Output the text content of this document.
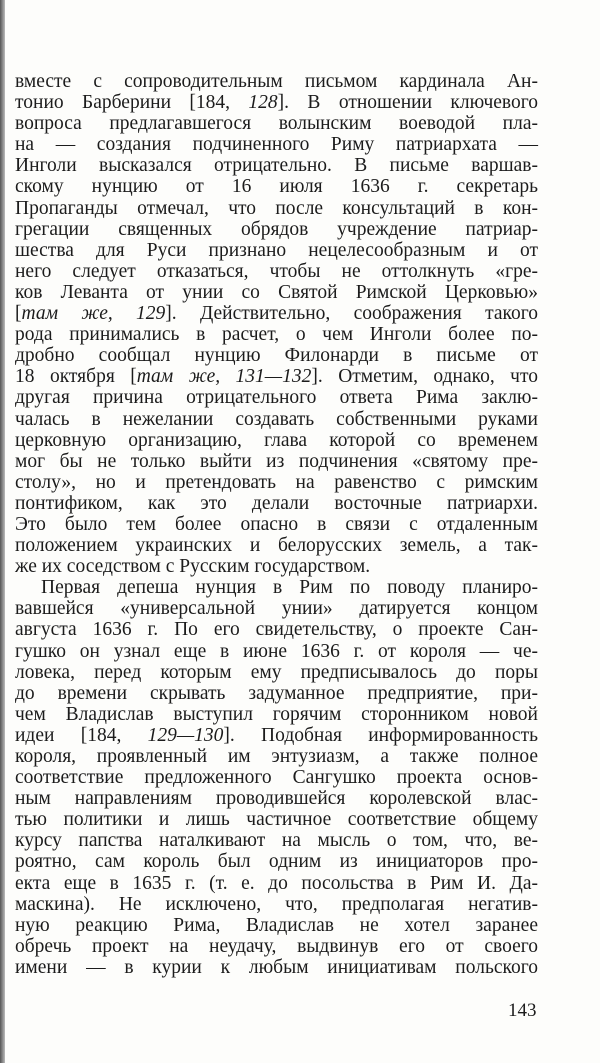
вместе с сопроводительным письмом кардинала Ан-
тонио Барберини [184, 128]. В отношении ключевого
вопроса предлагавшегося волынским воеводой пла-
на — создания подчиненного Риму патриархата —
Инголи высказался отрицательно. В письме варшав-
скому нунцию от 16 июля 1636 г. секретарь
Пропаганды отмечал, что после консультаций в кон-
грегации священных обрядов учреждение патриар-
шества для Руси признано нецелесообразным и от
него следует отказаться, чтобы не оттолкнуть «гре-
ков Леванта от унии со Святой Римской Церковью»
[там же, 129]. Действительно, соображения такого
рода принимались в расчет, о чем Инголи более по-
дробно сообщал нунцию Филонарди в письме от
18 октября [там же, 131—132]. Отметим, однако, что
другая причина отрицательного ответа Рима заклю-
чалась в нежелании создавать собственными руками
церковную организацию, глава которой со временем
мог бы не только выйти из подчинения «святому пре-
столу», но и претендовать на равенство с римским
понтификом, как это делали восточные патриархи.
Это было тем более опасно в связи с отдаленным
положением украинских и белорусских земель, а так-
же их соседством с Русским государством.
Первая депеша нунция в Рим по поводу планиро-
вавшейся «универсальной унии» датируется концом
августа 1636 г. По его свидетельству, о проекте Сан-
гушко он узнал еще в июне 1636 г. от короля — че-
ловека, перед которым ему предписывалось до поры
до времени скрывать задуманное предприятие, при-
чем Владислав выступил горячим сторонником новой
идеи [184, 129—130]. Подобная информированность
короля, проявленный им энтузиазм, а также полное
соответствие предложенного Сангушко проекта основ-
ным направлениям проводившейся королевской влас-
тью политики и лишь частичное соответствие общему
курсу папства наталкивают на мысль о том, что, ве-
роятно, сам король был одним из инициаторов про-
екта еще в 1635 г. (т. е. до посольства в Рим И. Да-
маскина). Не исключено, что, предполагая негатив-
ную реакцию Рима, Владислав не хотел заранее
обречь проект на неудачу, выдвинув его от своего
имени — в курии к любым инициативам польского
143
